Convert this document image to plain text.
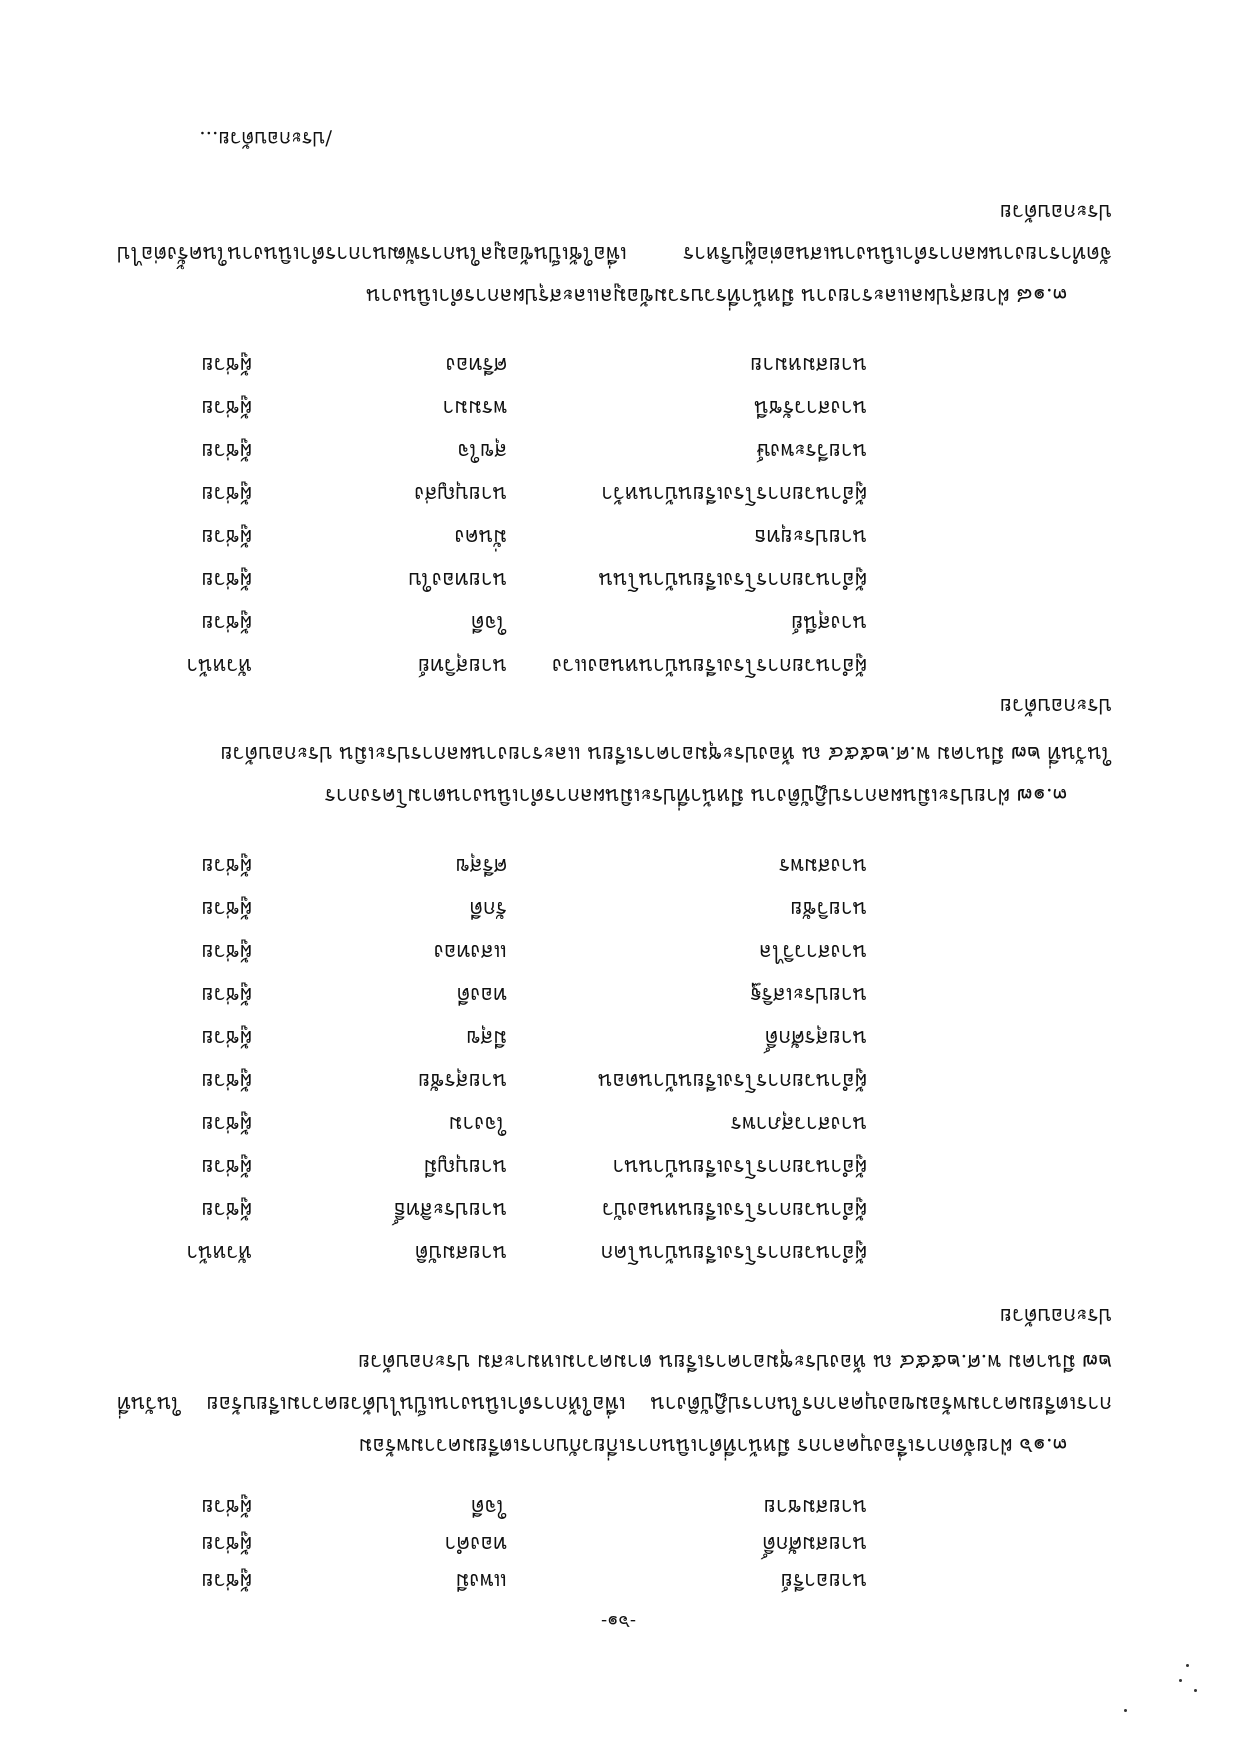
-๖๑-
นายอารีย์
แพงมี
ผู้ช่วย
นายสมศักดิ์
ทองคำ
ผู้ช่วย
นายสมชาย
ใจดี
ผู้ช่วย
๓.๑๖ ฝ่ายจัดการเรื่องบุคลากร มีหน้าที่ดำเนินการเกี่ยวกับการเตรียมความพร้อม
การเตรียมความพร้อมของบุคลากรในการปฏิบัติงาน เพื่อให้การดำเนินงานเป็นไปด้วยความเรียบร้อย ในวันที่ ๒๗ มีนาคม พ.ศ.๒๕๕๔ ณ ห้องประชุมอาคารเรียน ตามความเหมาะสม ประกอบด้วย
ประกอบด้วย
ผู้อำนวยการโรงเรียนบ้านโคก
นายสมบัติ
หัวหน้า
ผู้อำนวยการโรงเรียนหนองบัว
นายประสิทธิ์
ผู้ช่วย
ผู้อำนวยการโรงเรียนบ้านนา
นายบุญมี
ผู้ช่วย
นางสาวสุภาพร
ใจงาม
ผู้ช่วย
ผู้อำนวยการโรงเรียนบ้านดอน
นายสุรชัย
ผู้ช่วย
นายสุรศักดิ์
มีสุข
ผู้ช่วย
นายประเสริฐ
ทองดี
ผู้ช่วย
นางสาววิไล
แสงทอง
ผู้ช่วย
นายวิชัย
รักดี
ผู้ช่วย
นางสมพร
ศรีสุข
ผู้ช่วย
๓.๑๗ ฝ่ายประเมินผลการปฏิบัติงาน มีหน้าที่ประเมินผลการดำเนินงานตามโครงการ
ในวันที่ ๒๗ มีนาคม พ.ศ.๒๕๕๔ ณ ห้องประชุมอาคารเรียน และรายงานผลการประเมิน ประกอบด้วย
ประกอบด้วย
ผู้อำนวยการโรงเรียนบ้านหนองแวง
นายสุวิทย์
หัวหน้า
นางสุนีย์
ใจดี
ผู้ช่วย
ผู้อำนวยการโรงเรียนบ้านโนน
นายทองใบ
ผู้ช่วย
นายประยุทธ
มั่นคง
ผู้ช่วย
ผู้อำนวยการโรงเรียนบ้านหว้า
นายบุญส่ง
ผู้ช่วย
นายวีระพงษ์
สุขใจ
ผู้ช่วย
นางสาวรัชนี
พรมมา
ผู้ช่วย
นายสมหมาย
ศรีทอง
ผู้ช่วย
๓.๑๘ ฝ่ายสรุปผลและรายงาน มีหน้าที่รวบรวมข้อมูลและสรุปผลการดำเนินงาน
จัดทำรายงานผลการดำเนินงานเสนอต่อผู้บริหาร เพื่อใช้เป็นข้อมูลในการพัฒนาการดำเนินงานในครั้งต่อไป ประกอบด้วย
/ประกอบด้วย...
